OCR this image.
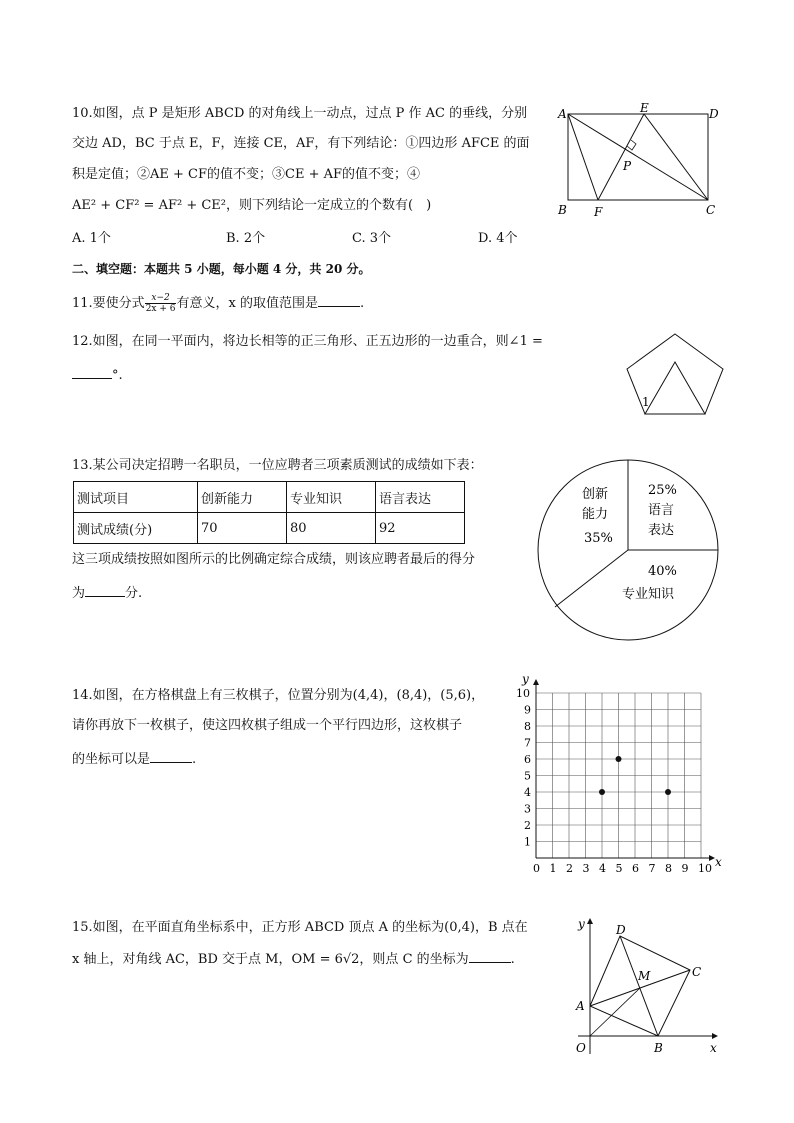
10.如图，点 P 是矩形 ABCD 的对角线上一动点，过点 P 作 AC 的垂线，分别
交边 AD，BC 于点 E，F，连接 CE，AF，有下列结论：①四边形 AFCE 的面
积是定值；②AE + CF的值不变；③CE + AF的值不变；④
AE² + CF² = AF² + CE²，则下列结论一定成立的个数有(　)
A. 1个	B. 2个	C. 3个	D. 4个
A	E	D
P
B F	C
二、填空题：本题共 5 小题，每小题 4 分，共 20 分。
11.要使分式 $\frac{x-2}{2x + 6}$ 有意义，x 的取值范围是	.
12.如图，在同一平面内，将边长相等的正三角形、正五边形的一边重合，则∠1 =
°.
1
13.某公司决定招聘一名职员，一位应聘者三项素质测试的成绩如下表：
测试项目	创新能力	专业知识	语言表达
测试成绩(分)	70	80	92
这三项成绩按照如图所示的比例确定综合成绩，则该应聘者最后的得分
为	分.
创新
能力
35%
25%
语言
表达
40%
专业知识
14.如图，在方格棋盘上有三枚棋子，位置分别为(4,4)，(8,4)，(5,6)，
请你再放下一枚棋子，使这四枚棋子组成一个平行四边形，这枚棋子
的坐标可以是	.
0 1 2 3 4 5 6 7 8 9 10
1
2
3
4
5
6
7
8
9
10
x
y
15.如图，在平面直角坐标系中，正方形 ABCD 顶点 A 的坐标为(0,4)，B 点在
x 轴上，对角线 AC，BD 交于点 M，OM = 6√2，则点 C 的坐标为	.
y	D
M	C
A
O	B	x
